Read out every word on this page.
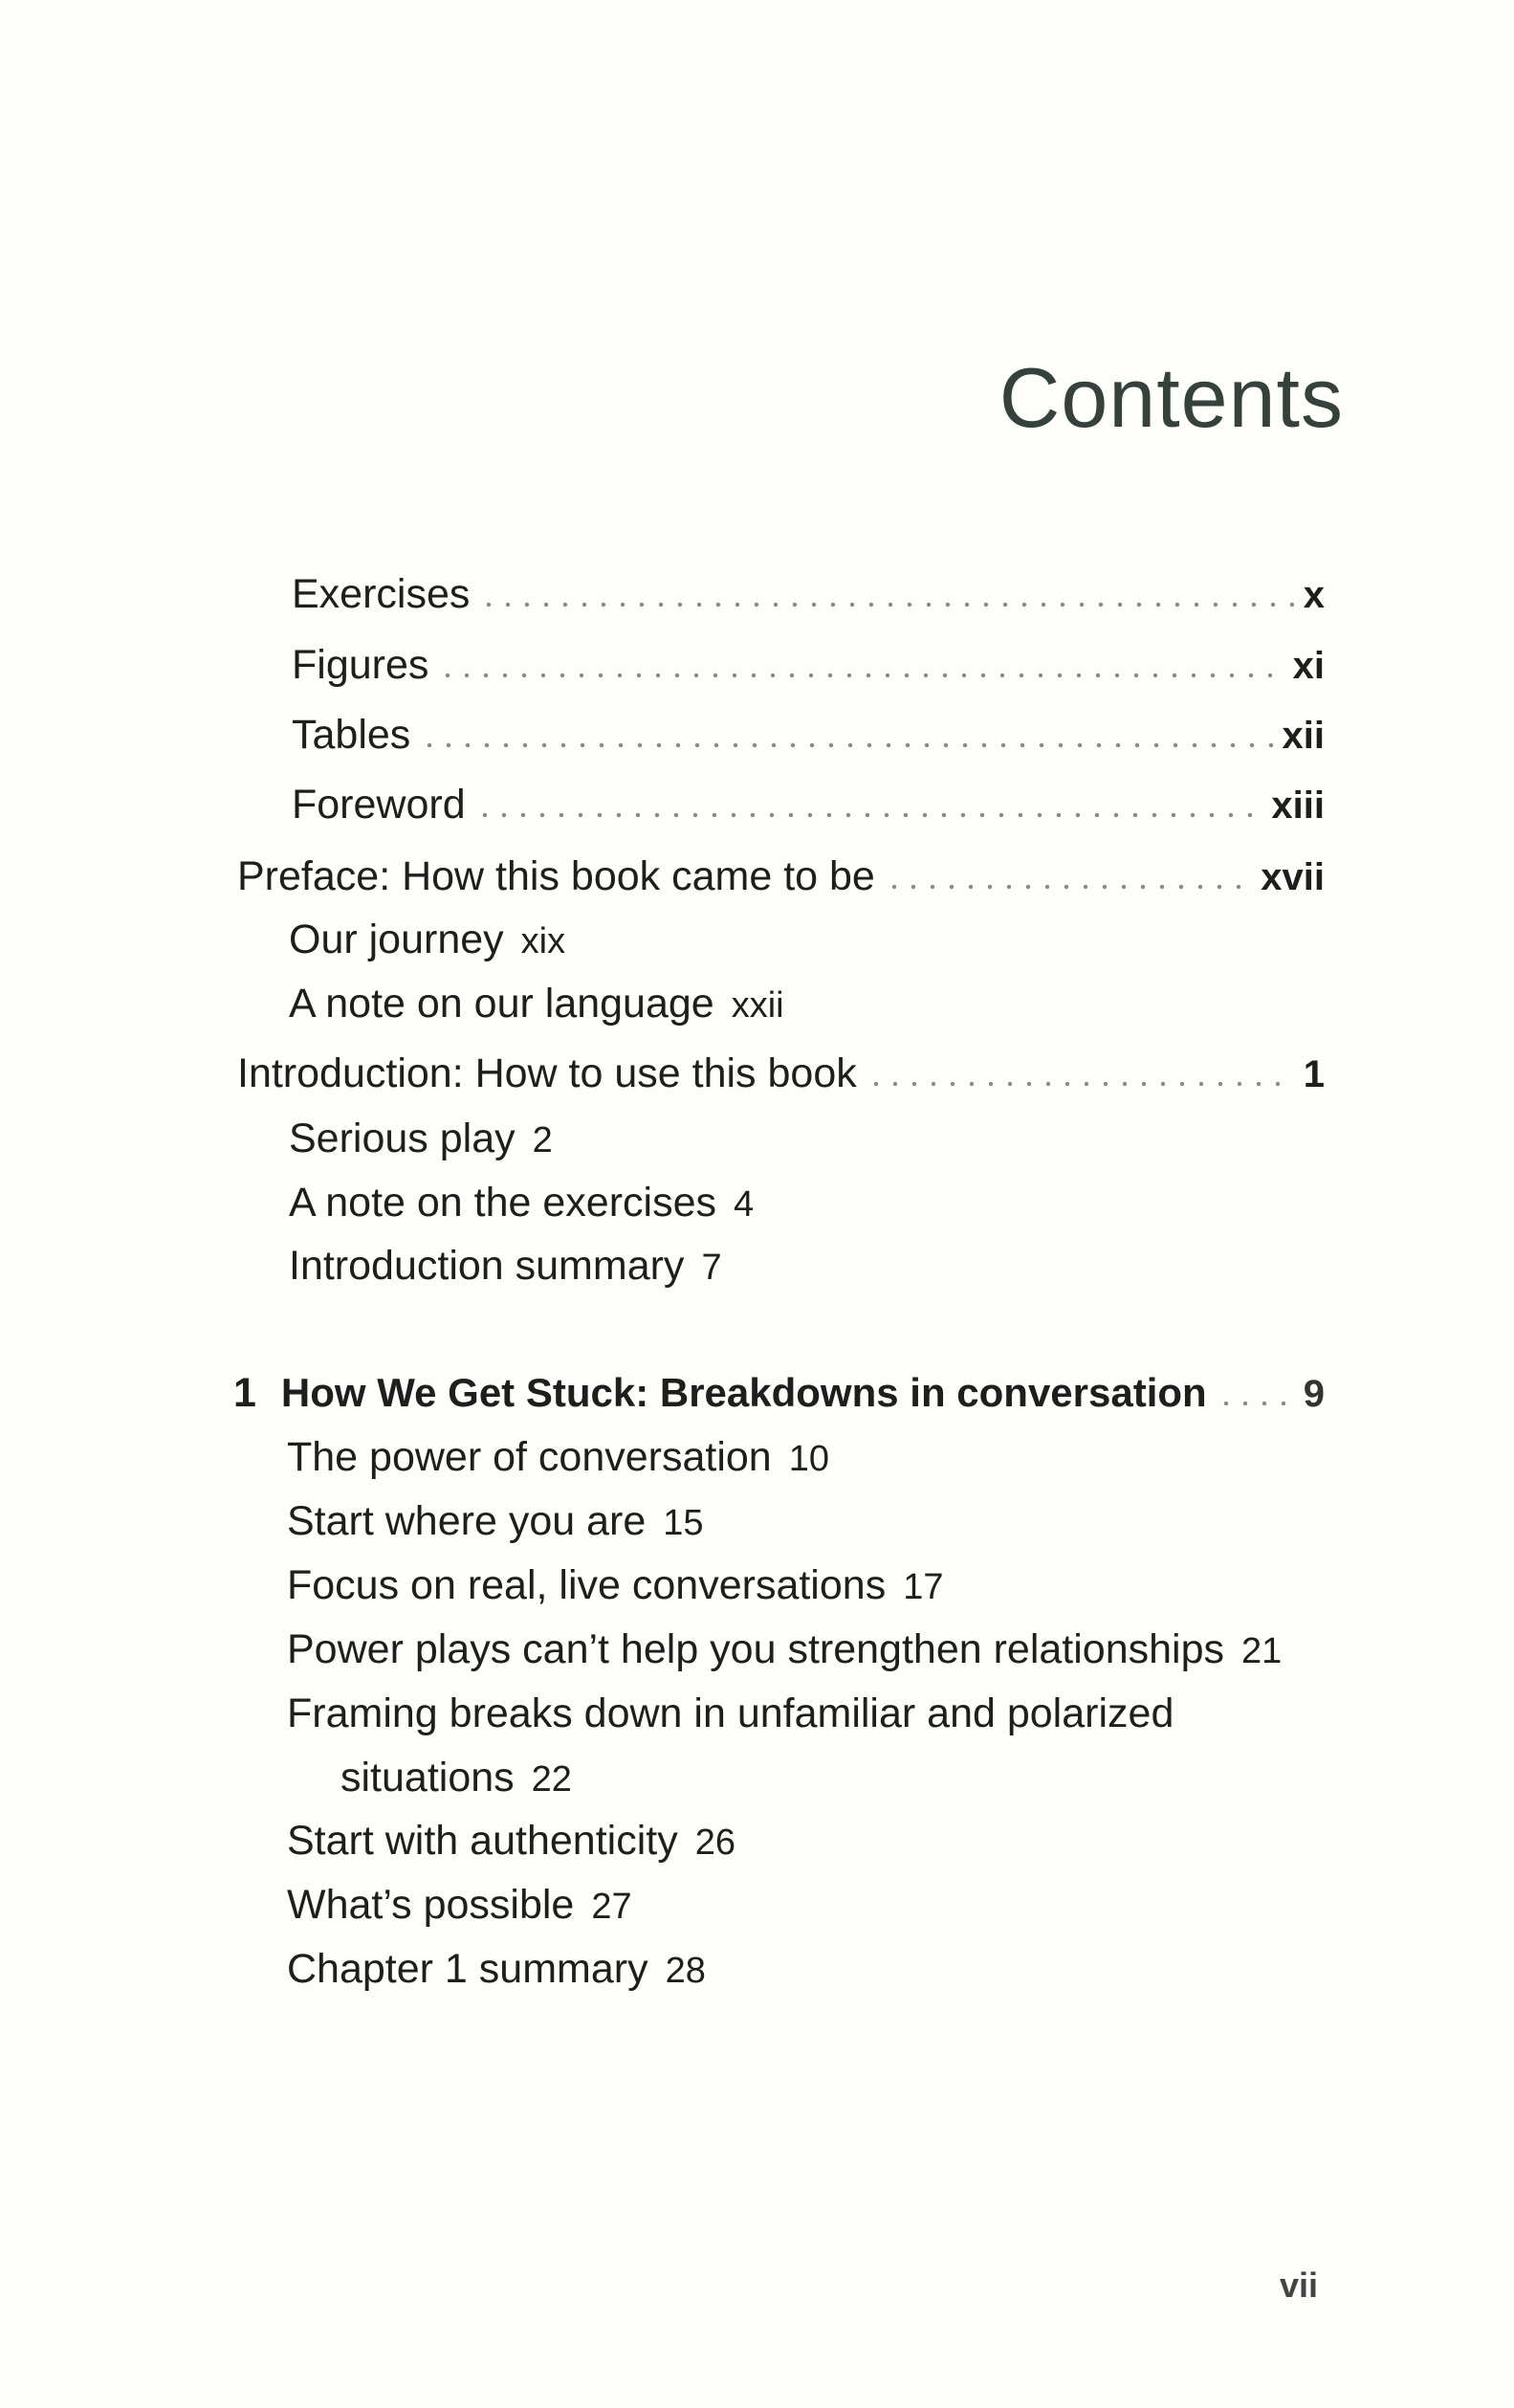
Contents
Exercises	x
Figures	xi
Tables	xii
Foreword	xiii
Preface: How this book came to be	xvii
Our journey xix
A note on our language xxii
Introduction: How to use this book	1
Serious play 2
A note on the exercises 4
Introduction summary 7
1 How We Get Stuck: Breakdowns in conversation	9
The power of conversation 10
Start where you are 15
Focus on real, live conversations 17
Power plays can’t help you strengthen relationships 21
Framing breaks down in unfamiliar and polarized
situations 22
Start with authenticity 26
What’s possible 27
Chapter 1 summary 28
vii
